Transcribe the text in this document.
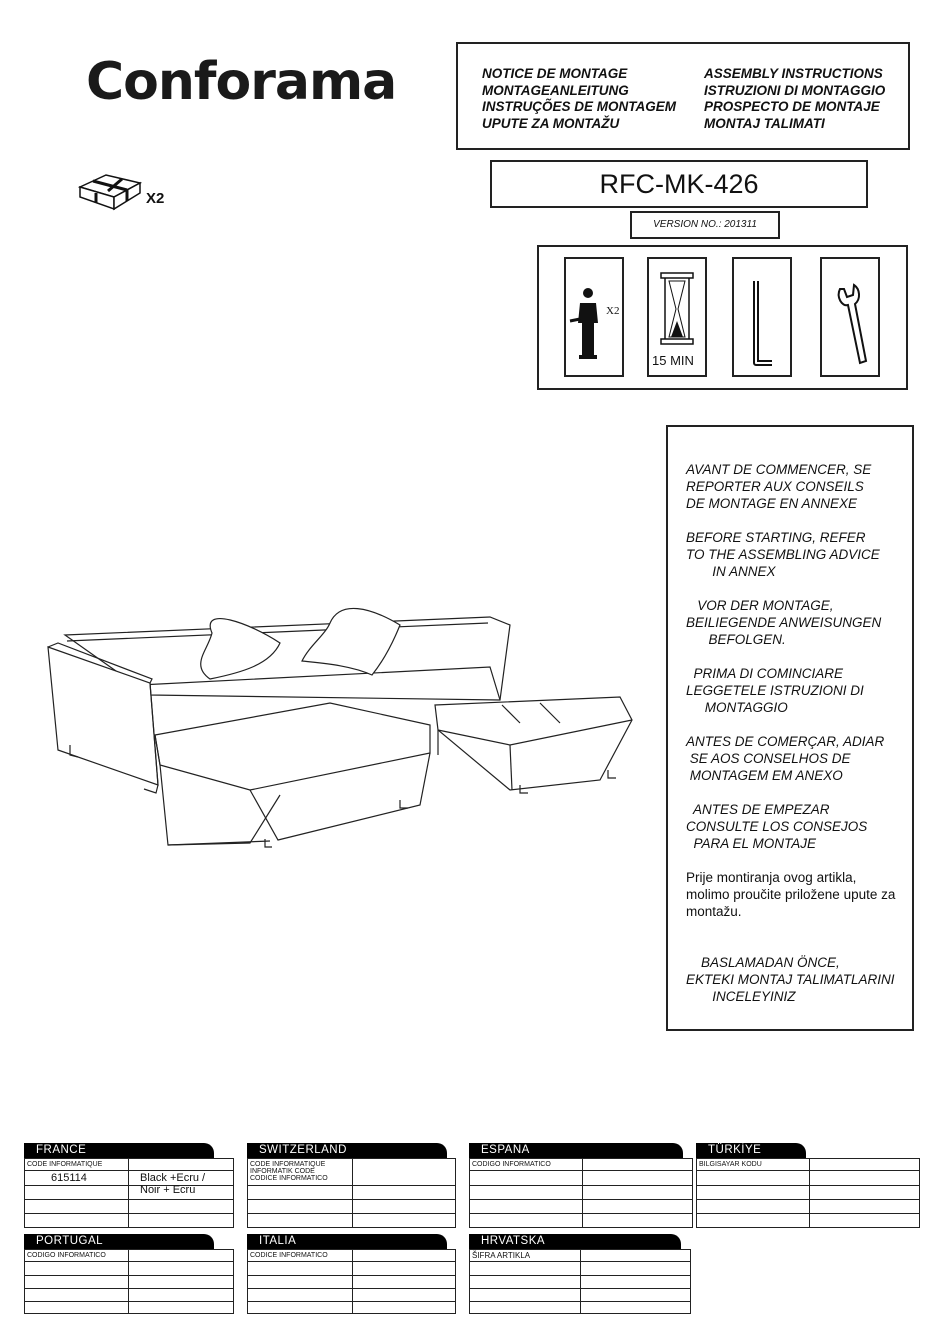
Conforama
X2
NOTICE DE MONTAGE
MONTAGEANLEITUNG
INSTRUÇÕES DE MONTAGEM
UPUTE ZA MONTAŽU
ASSEMBLY INSTRUCTIONS
ISTRUZIONI DI MONTAGGIO
PROSPECTO DE MONTAJE
MONTAJ TALIMATI
RFC-MK-426
VERSION NO.: 201311
X2
15 MIN
AVANT DE COMMENCER, SE
REPORTER AUX CONSEILS
DE MONTAGE EN ANNEXE
BEFORE STARTING, REFER
TO THE ASSEMBLING ADVICE
IN ANNEX
VOR DER MONTAGE,
BEILIEGENDE ANWEISUNGEN
BEFOLGEN.
PRIMA DI COMINCIARE
LEGGETELE ISTRUZIONI DI
MONTAGGIO
ANTES DE COMERÇAR, ADIAR
SE AOS CONSELHOS DE
MONTAGEM EM ANEXO
ANTES DE EMPEZAR
CONSULTE LOS CONSEJOS
PARA EL MONTAJE
Prije montiranja ovog artikla,
molimo proučite priložene upute za
montažu.
BASLAMADAN ÖNCE,
EKTEKI MONTAJ TALIMATLARINI
INCELEYINIZ
FRANCE
CODE INFORMATIQUE
615114	Black +Ecru /
Noir + Ecru
SWITZERLAND
CODE INFORMATIQUE
INFORMATIK CODE
CODICE INFORMATICO
ESPANA
CODIGO INFORMATICO
TÜRKİYE
BILGISAYAR KODU
PORTUGAL
CODIGO INFORMATICO
ITALIA
CODICE INFORMATICO
HRVATSKA
ŠIFRA ARTIKLA
